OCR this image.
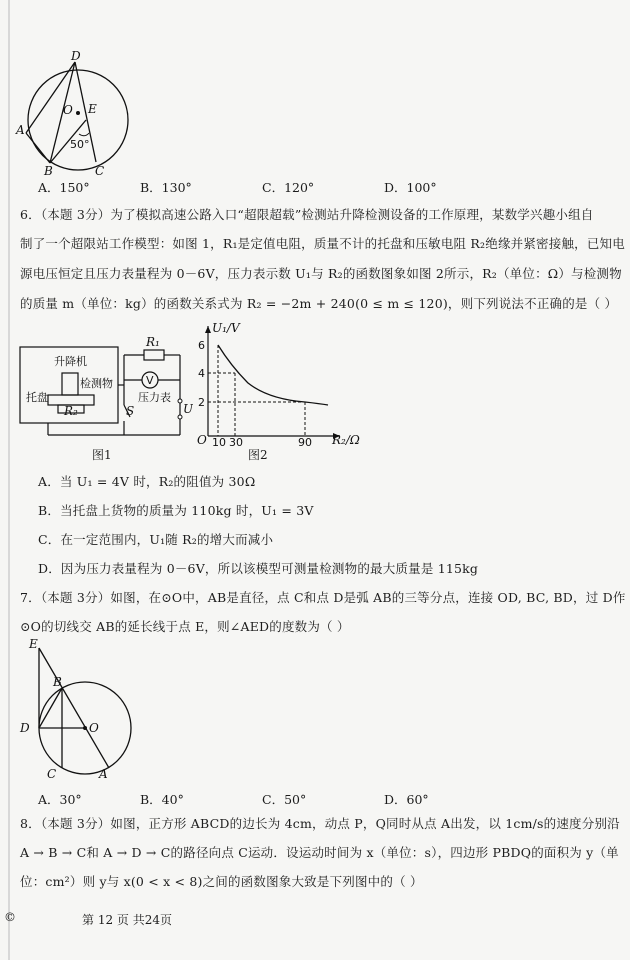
D
O E
A
B	C
50°
A．150°	B．130°	C．120°	D．100°
6．（本题 3分）为了模拟高速公路入口“超限超载”检测站升降检测设备的工作原理，某数学兴趣小组自
制了一个超限站工作模型：如图 1，R₁是定值电阻，质量不计的托盘和压敏电阻 R₂绝缘并紧密接触，已知电
源电压恒定且压力表量程为 0－6V，压力表示数 U₁与 R₂的函数图象如图 2所示，R₂（单位：Ω）与检测物
的质量 m（单位：kg）的函数关系式为 R₂ = −2m + 240(0 ≤ m ≤ 120)，则下列说法不正确的是（ ）
升降机
检测物
托盘
R₂
R₁
V
压力表
S	U
图1
U₁/V
R₂/Ω
O
6
4
2
10 30	90
图2
A．当 U₁ = 4V 时，R₂的阻值为 30Ω
B．当托盘上货物的质量为 110kg 时，U₁ = 3V
C．在一定范围内，U₁随 R₂的增大而减小
D．因为压力表量程为 0－6V，所以该模型可测量检测物的最大质量是 115kg
7．（本题 3分）如图，在⊙O中，AB是直径，点 C和点 D是弧 AB的三等分点，连接 OD, BC, BD，过 D作
⊙O的切线交 AB的延长线于点 E，则∠AED的度数为（ ）
E
B
D	O
C	A
A．30°	B．40°	C．50°	D．60°
8．（本题 3分）如图，正方形 ABCD的边长为 4cm，动点 P，Q同时从点 A出发，以 1cm/s的速度分别沿
A → B → C和 A → D → C的路径向点 C运动．设运动时间为 x（单位：s），四边形 PBDQ的面积为 y（单
位：cm²）则 y与 x(0 < x < 8)之间的函数图象大致是下列图中的（ ）
©	第 12 页 共24页
